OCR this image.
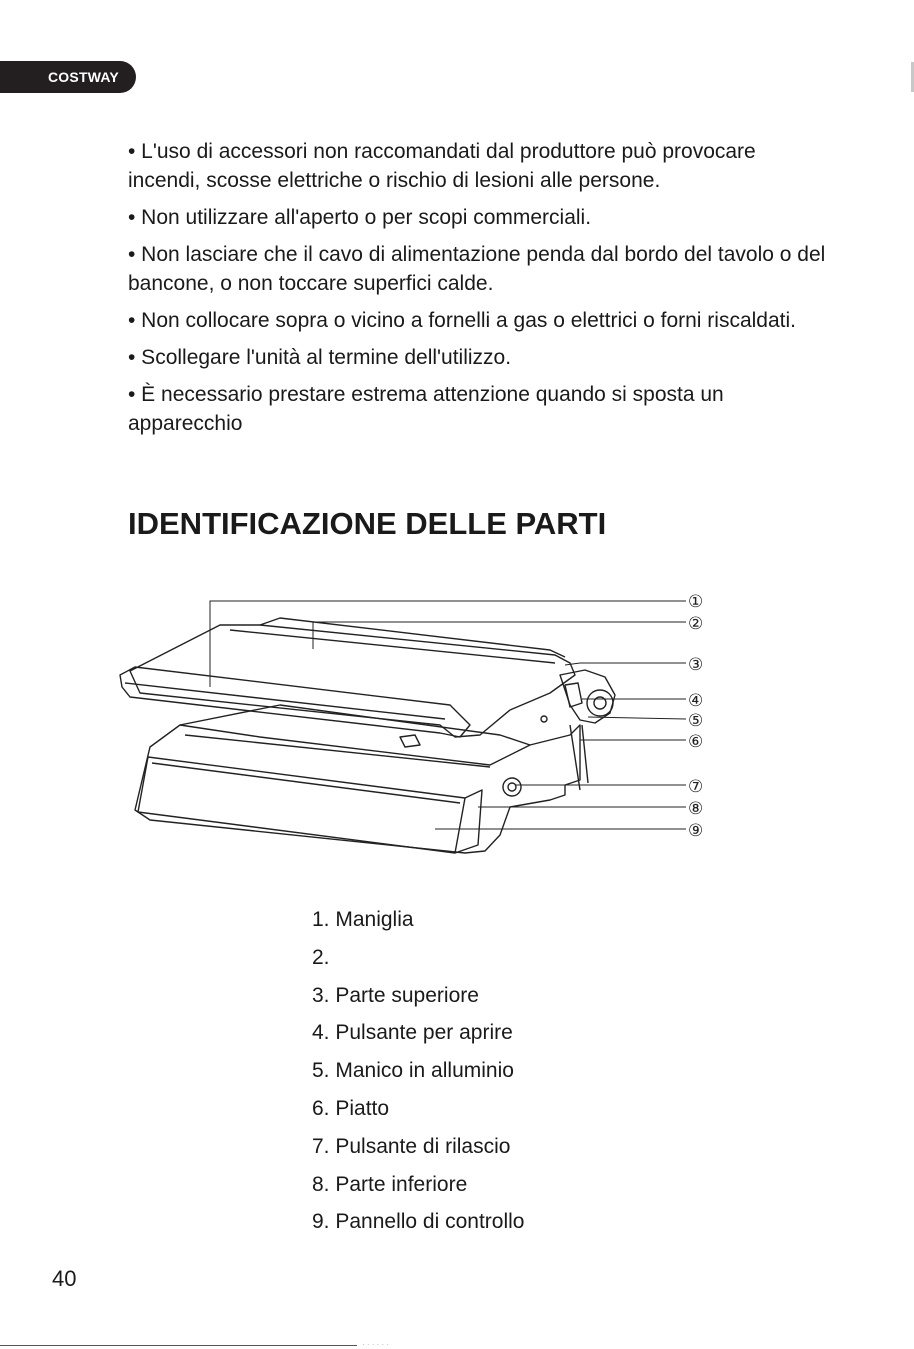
COSTWAY

• L'uso di accessori non raccomandati dal produttore può provocare incendi, scosse elettriche o rischio di lesioni alle persone.

• Non utilizzare all'aperto o per scopi commerciali.

• Non lasciare che il cavo di alimentazione penda dal bordo del tavolo o del bancone, o non toccare superfici calde.

• Non collocare sopra o vicino a fornelli a gas o elettrici o forni riscaldati.

• Scollegare l'unità al termine dell'utilizzo.

• È necessario prestare estrema attenzione quando si sposta un apparecchio

IDENTIFICAZIONE DELLE PARTI
①
②
③
④
⑤
⑥
⑦
⑧
⑨
1. Maniglia
2.
3. Parte superiore
4. Pulsante per aprire
5. Manico in alluminio
6. Piatto
7. Pulsante di rilascio
8. Parte inferiore
9. Pannello di controllo
40
· · · · · ·
